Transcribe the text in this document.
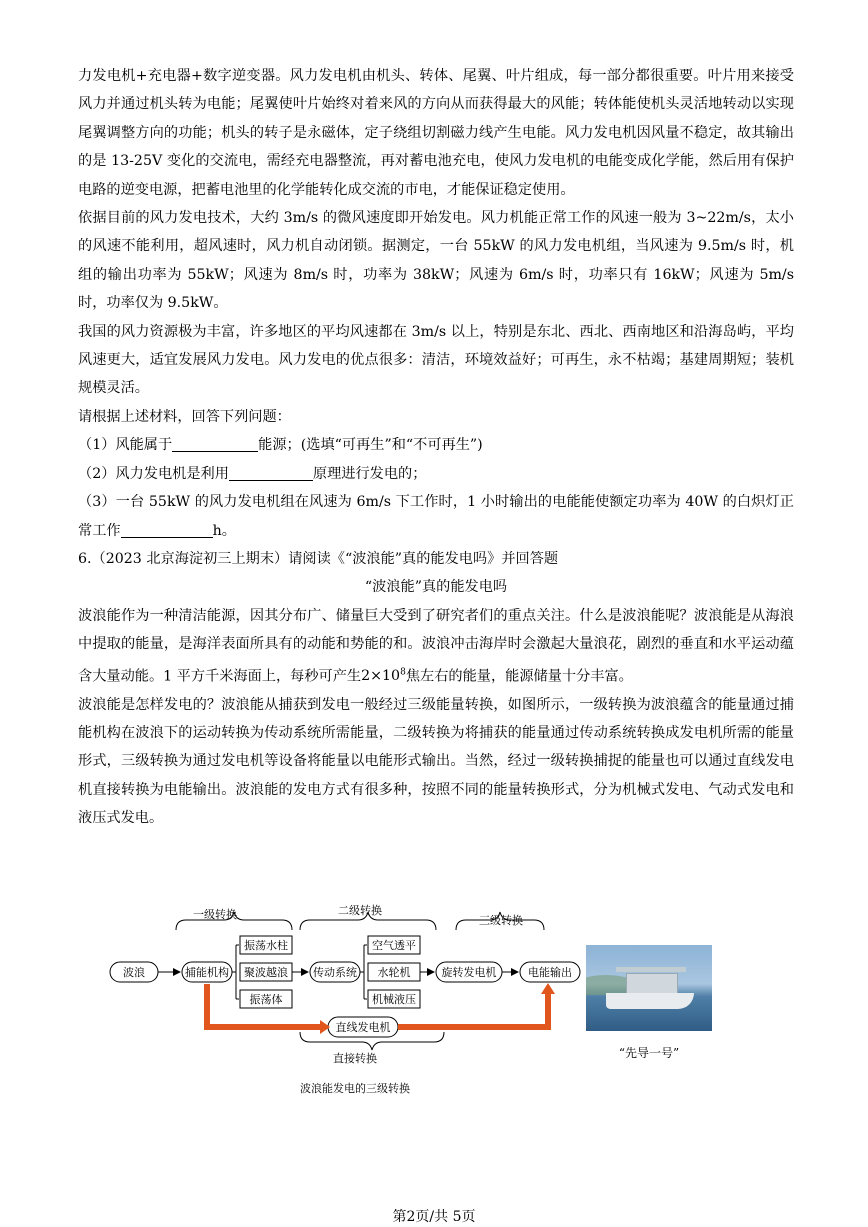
力发电机+充电器+数字逆变器。风力发电机由机头、转体、尾翼、叶片组成，每一部分都很重要。叶片用来接受风力并通过机头转为电能；尾翼使叶片始终对着来风的方向从而获得最大的风能；转体能使机头灵活地转动以实现尾翼调整方向的功能；机头的转子是永磁体，定子绕组切割磁力线产生电能。风力发电机因风量不稳定，故其输出的是 13-25V 变化的交流电，需经充电器整流，再对蓄电池充电，使风力发电机的电能变成化学能，然后用有保护电路的逆变电源，把蓄电池里的化学能转化成交流的市电，才能保证稳定使用。

依据目前的风力发电技术，大约 3m/s 的微风速度即开始发电。风力机能正常工作的风速一般为 3~22m/s，太小的风速不能利用，超风速时，风力机自动闭锁。据测定，一台 55kW 的风力发电机组，当风速为 9.5m/s 时，机组的输出功率为 55kW；风速为 8m/s 时，功率为 38kW；风速为 6m/s 时，功率只有 16kW；风速为 5m/s 时，功率仅为 9.5kW。

我国的风力资源极为丰富，许多地区的平均风速都在 3m/s 以上，特别是东北、西北、西南地区和沿海岛屿，平均风速更大，适宜发展风力发电。风力发电的优点很多：清洁，环境效益好；可再生，永不枯竭；基建周期短；装机规模灵活。

请根据上述材料，回答下列问题：

（1）风能属于	能源；(选填“可再生”和“不可再生”)

（2）风力发电机是利用	原理进行发电的；

（3）一台 55kW 的风力发电机组在风速为 6m/s 下工作时，1 小时输出的电能能使额定功率为 40W 的白炽灯正常工作	h。

6.（2023 北京海淀初三上期末）请阅读《“波浪能”真的能发电吗》并回答题

“波浪能”真的能发电吗

波浪能作为一种清洁能源，因其分布广、储量巨大受到了研究者们的重点关注。什么是波浪能呢？波浪能是从海浪中提取的能量，是海洋表面所具有的动能和势能的和。波浪冲击海岸时会激起大量浪花，剧烈的垂直和水平运动蕴含大量动能。1 平方千米海面上，每秒可产生$2\times 10^8$焦左右的能量，能源储量十分丰富。

波浪能是怎样发电的？波浪能从捕获到发电一般经过三级能量转换，如图所示，一级转换为波浪蕴含的能量通过捕能机构在波浪下的运动转换为传动系统所需能量，二级转换为将捕获的能量通过传动系统转换成发电机所需的能量形式，三级转换为通过发电机等设备将能量以电能形式输出。当然，经过一级转换捕捉的能量也可以通过直线发电机直接转换为电能输出。波浪能的发电方式有很多种，按照不同的能量转换形式，分为机械式发电、气动式发电和液压式发电。

一级转换	二级转换
三级转换
直接转换
波浪	捕能机构
振荡水柱
聚波越浪
振荡体
传动系统
空气透平
水轮机
机械液压
旋转发电机	电能输出
直线发电机
波浪能发电的三级转换
“先导一号”
第2页/共 5页
